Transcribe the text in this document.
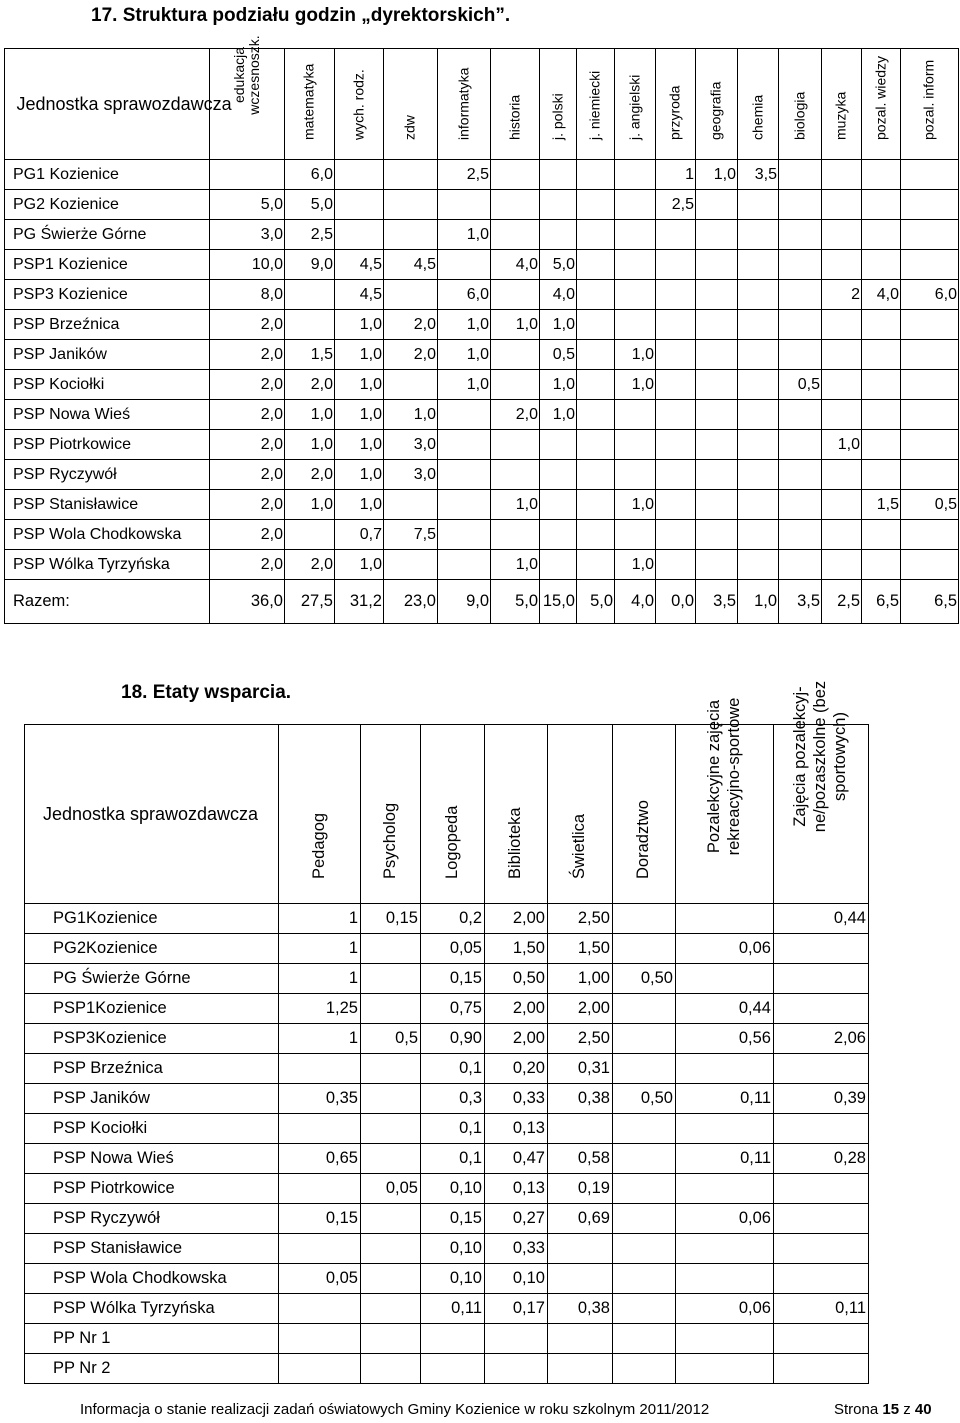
17. Struktura podziału godzin „dyrektorskich”.
Jednostka sprawozdawcza	edukacja wczesnoszk.	matematyka	wych. rodz.	zdw	informatyka	historia	j. polski	j. niemiecki	j. angielski	przyroda	geografia	chemia	biologia	muzyka	pozal. wiedzy	pozal. inform

PG1 Kozienice		6,0			2,5					1	1,0	3,5				
PG2 Kozienice	5,0	5,0								2,5						
PG Świerże Górne	3,0	2,5			1,0											
PSP1 Kozienice	10,0	9,0	4,5	4,5		4,0	5,0									
PSP3 Kozienice	8,0		4,5		6,0		4,0							2	4,0	6,0
PSP Brzeźnica	2,0		1,0	2,0	1,0	1,0	1,0									
PSP Janików	2,0	1,5	1,0	2,0	1,0		0,5		1,0							
PSP Kociołki	2,0	2,0	1,0		1,0		1,0		1,0				0,5			
PSP Nowa Wieś	2,0	1,0	1,0	1,0		2,0	1,0									
PSP Piotrkowice	2,0	1,0	1,0	3,0										1,0		
PSP Ryczywół	2,0	2,0	1,0	3,0												
PSP Stanisławice	2,0	1,0	1,0			1,0			1,0						1,5	0,5
PSP Wola Chodkowska	2,0		0,7	7,5												
PSP Wólka Tyrzyńska	2,0	2,0	1,0			1,0			1,0							
Razem:	36,0	27,5	31,2	23,0	9,0	5,0	15,0	5,0	4,0	0,0	3,5	1,0	3,5	2,5	6,5	6,5
18. Etaty wsparcia.
Jednostka sprawozdawcza	Pedagog	Psycholog	Logopeda	Biblioteka	Świetlica	Doradztwo	Pozalekcyjne zajęcia rekreacyjno-sportowe	Zajęcia pozalekcyj-ne/pozaszkolne (bez sportowych)

PG1Kozienice	1	0,15	0,2	2,00	2,50			0,44
PG2Kozienice	1		0,05	1,50	1,50		0,06	
PG Świerże Górne	1		0,15	0,50	1,00	0,50		
PSP1Kozienice	1,25		0,75	2,00	2,00		0,44	
PSP3Kozienice	1	0,5	0,90	2,00	2,50		0,56	2,06
PSP Brzeźnica			0,1	0,20	0,31			
PSP Janików	0,35		0,3	0,33	0,38	0,50	0,11	0,39
PSP Kociołki			0,1	0,13				
PSP Nowa Wieś	0,65		0,1	0,47	0,58		0,11	0,28
PSP Piotrkowice		0,05	0,10	0,13	0,19			
PSP Ryczywół	0,15		0,15	0,27	0,69		0,06	
PSP Stanisławice			0,10	0,33				
PSP Wola Chodkowska	0,05		0,10	0,10				
PSP Wólka Tyrzyńska			0,11	0,17	0,38		0,06	0,11
PP Nr 1								
PP Nr 2								
Informacja o stanie realizacji zadań oświatowych Gminy Kozienice w roku szkolnym 2011/2012	Strona 15 z 40
